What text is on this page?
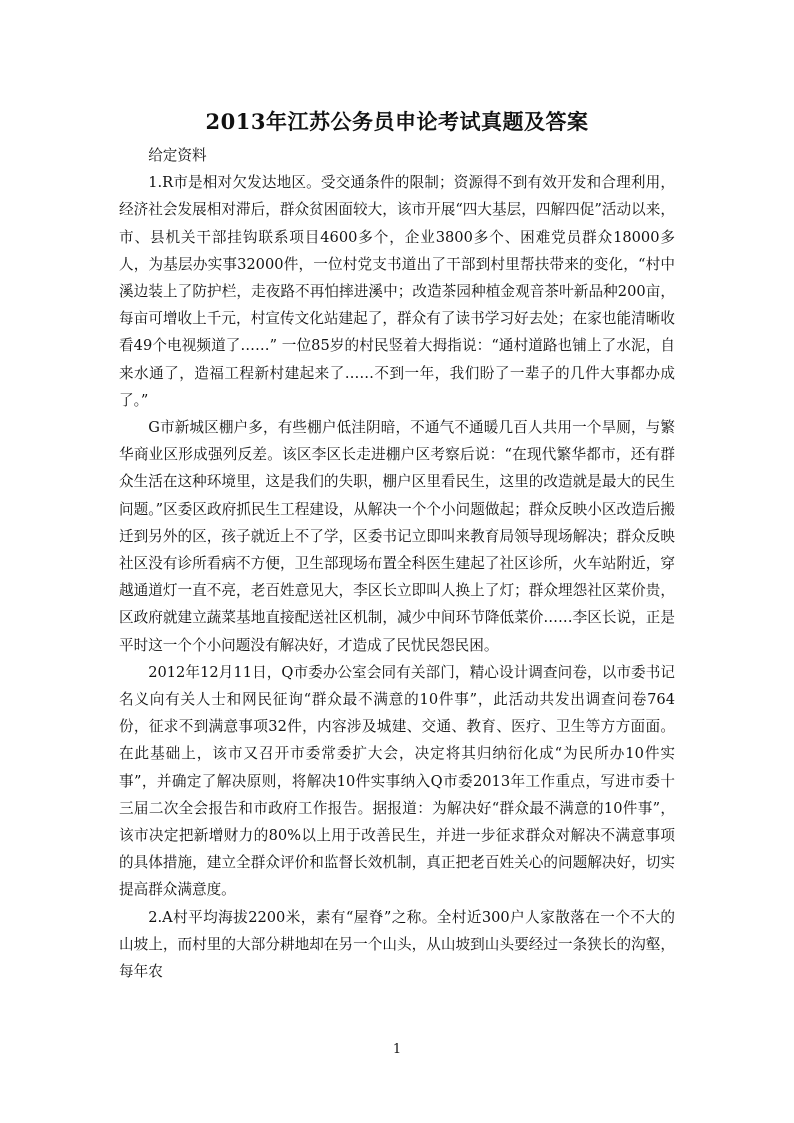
2013年江苏公务员申论考试真题及答案

给定资料

1.R市是相对欠发达地区。受交通条件的限制；资源得不到有效开发和合理利用，经济社会发展相对滞后，群众贫困面较大，该市开展“四大基层，四解四促”活动以来，市、县机关干部挂钩联系项目4600多个，企业3800多个、困难党员群众18000多人，为基层办实事32000件，一位村党支书道出了干部到村里帮扶带来的变化，“村中溪边装上了防护栏，走夜路不再怕摔进溪中；改造茶园种植金观音茶叶新品种200亩，每亩可增收上千元，村宣传文化站建起了，群众有了读书学习好去处；在家也能清晰收看49个电视频道了……” 一位85岁的村民竖着大拇指说：“通村道路也铺上了水泥，自来水通了，造福工程新村建起来了……不到一年，我们盼了一辈子的几件大事都办成了。”

G市新城区棚户多，有些棚户低洼阴暗，不通气不通暖几百人共用一个旱厕，与繁华商业区形成强列反差。该区李区长走进棚户区考察后说：“在现代繁华都市，还有群众生活在这种环境里，这是我们的失职，棚户区里看民生，这里的改造就是最大的民生问题。”区委区政府抓民生工程建设，从解决一个个小问题做起；群众反映小区改造后搬迁到另外的区，孩子就近上不了学，区委书记立即叫来教育局领导现场解决；群众反映社区没有诊所看病不方便，卫生部现场布置全科医生建起了社区诊所，火车站附近，穿越通道灯一直不亮，老百姓意见大，李区长立即叫人换上了灯；群众埋怨社区菜价贵，区政府就建立蔬菜基地直接配送社区机制，减少中间环节降低菜价……李区长说，正是平时这一个个小问题没有解决好，才造成了民忧民怨民困。

2012年12月11日，Q市委办公室会同有关部门，精心设计调查问卷，以市委书记名义向有关人士和网民征询“群众最不满意的10件事”，此活动共发出调查问卷764份，征求不到满意事项32件，内容涉及城建、交通、教育、医疗、卫生等方方面面。在此基础上，该市又召开市委常委扩大会，决定将其归纳衍化成“为民所办10件实事”，并确定了解决原则，将解决10件实事纳入Q市委2013年工作重点，写进市委十三届二次全会报告和市政府工作报告。据报道：为解决好“群众最不满意的10件事”，该市决定把新增财力的80%以上用于改善民生，并进一步征求群众对解决不满意事项的具体措施，建立全群众评价和监督长效机制，真正把老百姓关心的问题解决好，切实提高群众满意度。

2.A村平均海拔2200米，素有“屋脊”之称。全村近300户人家散落在一个不大的山坡上，而村里的大部分耕地却在另一个山头，从山坡到山头要经过一条狭长的沟壑，每年农

1
